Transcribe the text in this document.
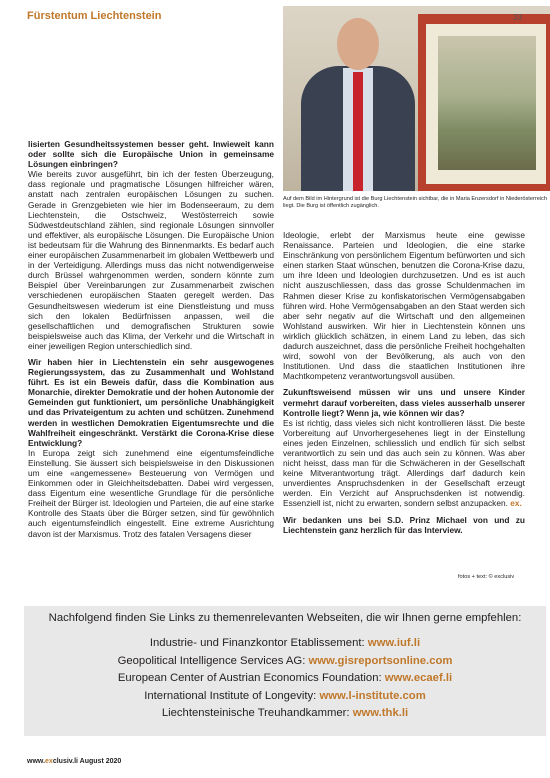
Fürstentum Liechtenstein	33
Auf dem Bild im Hintergrund ist die Burg Liechtenstein sichtbar, die in Maria Enzersdorf in Niederösterreich liegt. Die Burg ist öffentlich zugänglich.

lisierten Gesundheitssystemen besser geht. Inwieweit kann oder sollte sich die Europäische Union in gemeinsame Lösungen einbringen?

Wie bereits zuvor ausgeführt, bin ich der festen Überzeugung, dass regionale und pragmatische Lösungen hilfreicher wären, anstatt nach zentralen europäischen Lösungen zu suchen. Gerade in Grenzgebieten wie hier im Bodenseeraum, zu dem Liechtenstein, die Ostschweiz, Westösterreich sowie Südwestdeutschland zählen, sind regionale Lösungen sinnvoller und effektiver, als europäische Lösungen. Die Europäische Union ist bedeutsam für die Wahrung des Binnenmarkts. Es bedarf auch einer europäischen Zusammenarbeit im globalen Wettbewerb und in der Verteidigung. Allerdings muss das nicht notwendigerweise durch Brüssel wahrgenommen werden, sondern könnte zum Beispiel über Vereinbarungen zur Zusammenarbeit zwischen verschiedenen europäischen Staaten geregelt werden. Das Gesundheitswesen wiederum ist eine Dienstleistung und muss sich den lokalen Bedürfnissen anpassen, weil die gesellschaftlichen und demografischen Strukturen sowie beispielsweise auch das Klima, der Verkehr und die Wirtschaft in einer jeweiligen Region unterschiedlich sind.

Wir haben hier in Liechtenstein ein sehr ausgewogenes Regierungssystem, das zu Zusammenhalt und Wohlstand führt. Es ist ein Beweis dafür, dass die Kombination aus Monarchie, direkter Demokratie und der hohen Autonomie der Gemeinden gut funktioniert, um persönliche Unabhängigkeit und das Privateigentum zu achten und schützen. Zunehmend werden in westlichen Demokratien Eigentumsrechte und die Wahlfreiheit eingeschränkt. Verstärkt die Corona-Krise diese Entwicklung?

In Europa zeigt sich zunehmend eine eigentumsfeindliche Einstellung. Sie äussert sich beispielsweise in den Diskussionen um eine «angemessene» Besteuerung von Vermögen und Einkommen oder in Gleichheitsdebatten. Dabei wird vergessen, dass Eigentum eine wesentliche Grundlage für die persönliche Freiheit der Bürger ist. Ideologien und Parteien, die auf eine starke Kontrolle des Staats über die Bürger setzen, sind für gewöhnlich auch eigentumsfeindlich eingestellt. Eine extreme Ausrichtung davon ist der Marxismus. Trotz des fatalen Versagens dieser

Ideologie, erlebt der Marxismus heute eine gewisse Renaissance. Parteien und Ideologien, die eine starke Einschränkung von persönlichem Eigentum befürworten und sich einen starken Staat wünschen, benutzen die Corona-Krise dazu, um ihre Ideen und Ideologien durchzusetzen. Und es ist auch nicht auszuschliessen, dass das grosse Schuldenmachen im Rahmen dieser Krise zu konfiskatorischen Vermögensabgaben führen wird. Hohe Vermögensabgaben an den Staat werden sich aber sehr negativ auf die Wirtschaft und den allgemeinen Wohlstand auswirken. Wir hier in Liechtenstein können uns wirklich glücklich schätzen, in einem Land zu leben, das sich dadurch auszeichnet, dass die persönliche Freiheit hochgehalten wird, sowohl von der Bevölkerung, als auch von den Institutionen. Und dass die staatlichen Institutionen ihre Machtkompetenz verantwortungsvoll ausüben.

Zukunftsweisend müssen wir uns und unsere Kinder vermehrt darauf vorbereiten, dass vieles ausserhalb unserer Kontrolle liegt? Wenn ja, wie können wir das?

Es ist richtig, dass vieles sich nicht kontrollieren lässt. Die beste Vorbereitung auf Unvorhergesehenes liegt in der Einstellung eines jeden Einzelnen, schliesslich und endlich für sich selbst verantwortlich zu sein und das auch sein zu können. Was aber nicht heisst, dass man für die Schwächeren in der Gesellschaft keine Mitverantwortung trägt. Allerdings darf dadurch kein unverdientes Anspruchsdenken in der Gesellschaft erzeugt werden. Ein Verzicht auf Anspruchsdenken ist notwendig. Essenziell ist, nicht zu erwarten, sondern selbst anzupacken. ex.

Wir bedanken uns bei S.D. Prinz Michael von und zu Liechtenstein ganz herzlich für das Interview.

fotos + text: © exclusiv
Nachfolgend finden Sie Links zu themenrelevanten Webseiten, die wir Ihnen gerne empfehlen:
Industrie- und Finanzkontor Etablissement: www.iuf.li
Geopolitical Intelligence Services AG: www.gisreportsonline.com
European Center of Austrian Economics Foundation: www.ecaef.li
International Institute of Longevity: www.l-institute.com
Liechtensteinische Treuhandkammer: www.thk.li
www.exclusiv.li August 2020
